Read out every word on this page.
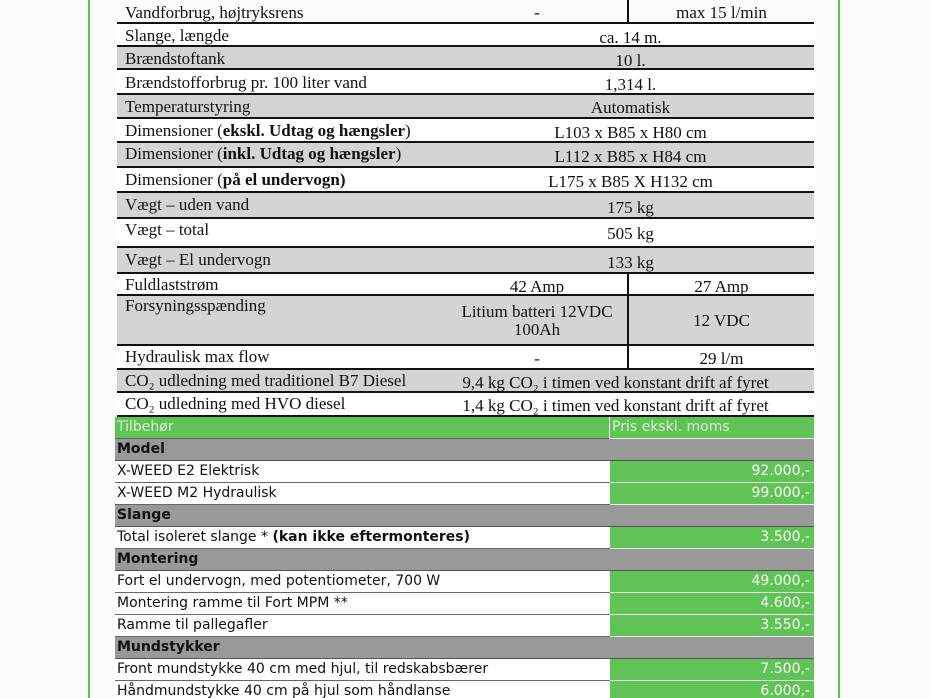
Vandforbrug, højtryksrens	-	max 15 l/min
Slange, længde	ca. 14 m.
Brændstoftank	10 l.
Brændstofforbrug pr. 100 liter vand	1,314 l.
Temperaturstyring	Automatisk
Dimensioner (ekskl. Udtag og hængsler)	L103 x B85 x H80 cm
Dimensioner (inkl. Udtag og hængsler)	L112 x B85 x H84 cm
Dimensioner (på el undervogn)	L175 x B85 X H132 cm
Vægt – uden vand	175 kg
Vægt – total	505 kg
Vægt – El undervogn	133 kg
Fuldlaststrøm	42 Amp	27 Amp
Forsyningsspænding	Litium batteri 12VDC 100Ah	12 VDC
Hydraulisk max flow	-	29 l/m
CO₂ udledning med traditionel B7 Diesel	9,4 kg CO₂ i timen ved konstant drift af fyret
CO₂ udledning med HVO diesel	1,4 kg CO₂ i timen ved konstant drift af fyret
Tilbehør	Pris ekskl. moms
Model
X-WEED E2 Elektrisk	92.000,-
X-WEED M2 Hydraulisk	99.000,-
Slange
Total isoleret slange * (kan ikke eftermonteres)	3.500,-
Montering
Fort el undervogn, med potentiometer, 700 W	49.000,-
Montering ramme til Fort MPM **	4.600,-
Ramme til pallegafler	3.550,-
Mundstykker
Front mundstykke 40 cm med hjul, til redskabsbærer	7.500,-
Håndmundstykke 40 cm på hjul som håndlanse	6.000,-
